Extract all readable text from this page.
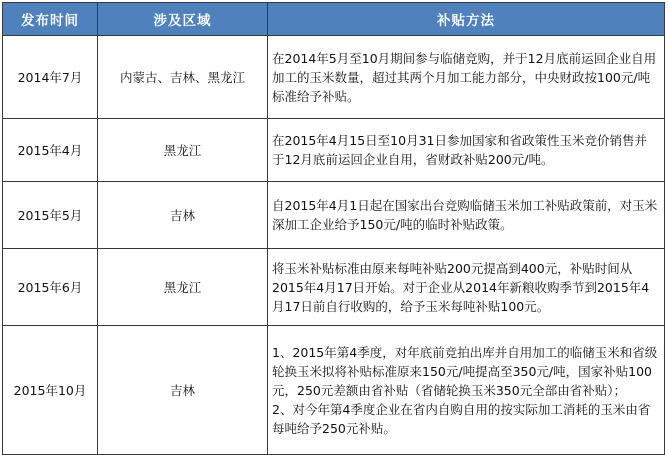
发布时间	涉及区域	补贴方法
2014年7月	内蒙古、吉林、黑龙江	在2014年5月至10月期间参与临储竞购，并于12月底前运回企业自用加工的玉米数量，超过其两个月加工能力部分，中央财政按100元/吨标准给予补贴。

2015年4月	黑龙江	在2015年4月15日至10月31日参加国家和省政策性玉米竞价销售并于12月底前运回企业自用，省财政补贴200元/吨。

2015年5月	吉林	自2015年4月1日起在国家出台竞购临储玉米加工补贴政策前，对玉米深加工企业给予150元/吨的临时补贴政策。

2015年6月	黑龙江	将玉米补贴标准由原来每吨补贴200元提高到400元，补贴时间从2015年4月17日开始。对于企业从2014年新粮收购季节到2015年4月17日前自行收购的，给予玉米每吨补贴100元。

2015年10月	吉林	1、2015年第4季度，对年底前竞拍出库并自用加工的临储玉米和省级轮换玉米拟将补贴标准原来150元/吨提高至350元/吨，国家补贴100元，250元差额由省补贴（省储轮换玉米350元全部由省补贴）；
2、对今年第4季度企业在省内自购自用的按实际加工消耗的玉米由省每吨给予250元补贴。
